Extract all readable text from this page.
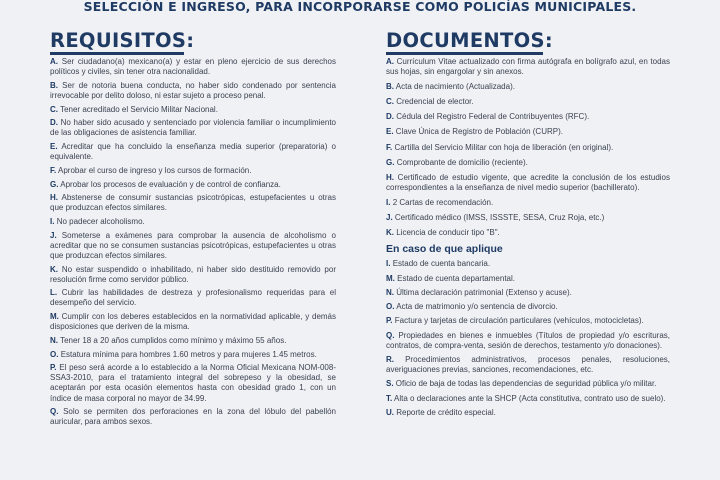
SELECCIÓN E INGRESO, PARA INCORPORARSE COMO POLICÍAS MUNICIPALES.
REQUISITOS:
A. Ser ciudadano(a) mexicano(a) y estar en pleno ejercicio de sus derechos políticos y civiles, sin tener otra nacionalidad.
B. Ser de notoria buena conducta, no haber sido condenado por sentencia irrevocable por delito doloso, ni estar sujeto a proceso penal.
C. Tener acreditado el Servicio Militar Nacional.
D. No haber sido acusado y sentenciado por violencia familiar o incumplimiento de las obligaciones de asistencia familiar.
E. Acreditar que ha concluido la enseñanza media superior (preparatoria) o equivalente.
F. Aprobar el curso de ingreso y los cursos de formación.
G. Aprobar los procesos de evaluación y de control de confianza.
H. Abstenerse de consumir sustancias psicotrópicas, estupefacientes u otras que produzcan efectos similares.
I. No padecer alcoholismo.
J. Someterse a exámenes para comprobar la ausencia de alcoholismo o acreditar que no se consumen sustancias psicotrópicas, estupefacientes u otras que produzcan efectos similares.
K. No estar suspendido o inhabilitado, ni haber sido destituido removido por resolución firme como servidor público.
L. Cubrir las habilidades de destreza y profesionalismo requeridas para el desempeño del servicio.
M. Cumplir con los deberes establecidos en la normatividad aplicable, y demás disposiciones que deriven de la misma.
N. Tener 18 a 20 años cumplidos como mínimo y máximo 55 años.
O. Estatura mínima para hombres 1.60 metros y para mujeres 1.45 metros.
P. El peso será acorde a lo establecido a la Norma Oficial Mexicana NOM-008-SSA3-2010, para el tratamiento integral del sobrepeso y la obesidad, se aceptarán por esta ocasión elementos hasta con obesidad grado 1, con un índice de masa corporal no mayor de 34.99.
Q. Solo se permiten dos perforaciones en la zona del lóbulo del pabellón auricular, para ambos sexos.
DOCUMENTOS:
A. Currículum Vitae actualizado con firma autógrafa en bolígrafo azul, en todas sus hojas, sin engargolar y sin anexos.
B. Acta de nacimiento (Actualizada).
C. Credencial de elector.
D. Cédula del Registro Federal de Contribuyentes (RFC).
E. Clave Única de Registro de Población (CURP).
F. Cartilla del Servicio Militar con hoja de liberación (en original).
G. Comprobante de domicilio (reciente).
H. Certificado de estudio vigente, que acredite la conclusión de los estudios correspondientes a la enseñanza de nivel medio superior (bachillerato).
I. 2 Cartas de recomendación.
J. Certificado médico (IMSS, ISSSTE, SESA, Cruz Roja, etc.)
K. Licencia de conducir tipo "B".
En caso de que aplique
I. Estado de cuenta bancaria.
M. Estado de cuenta departamental.
N. Última declaración patrimonial (Extenso y acuse).
O. Acta de matrimonio y/o sentencia de divorcio.
P. Factura y tarjetas de circulación particulares (vehículos, motocicletas).
Q. Propiedades en bienes e inmuebles (Títulos de propiedad y/o escrituras, contratos, de compra-venta, sesión de derechos, testamento y/o donaciones).
R. Procedimientos administrativos, procesos penales, resoluciones, averiguaciones previas, sanciones, recomendaciones, etc.
S. Oficio de baja de todas las dependencias de seguridad pública y/o militar.
T. Alta o declaraciones ante la SHCP (Acta constitutiva, contrato uso de suelo).
U. Reporte de crédito especial.
